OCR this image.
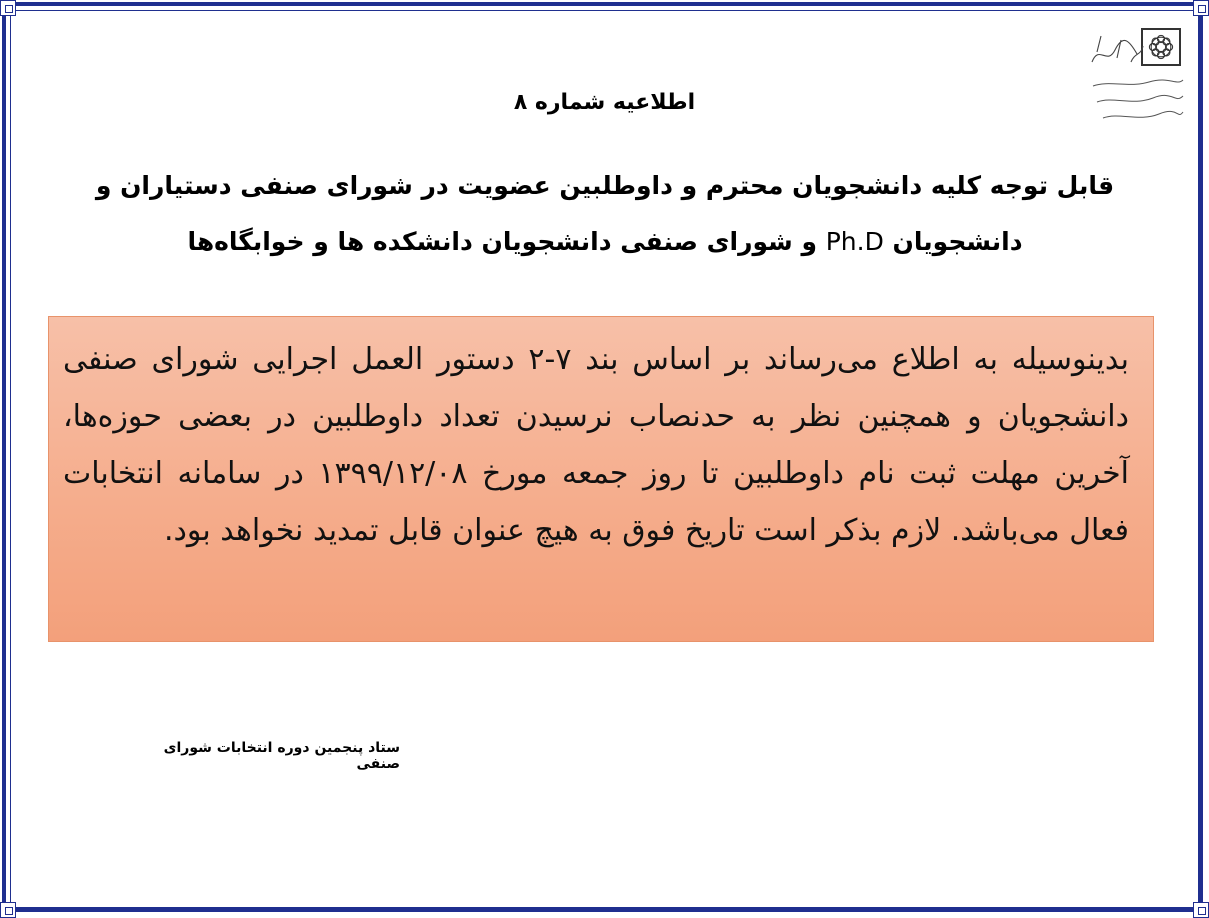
اطلاعیه شماره ۸
قابل توجه کلیه دانشجویان محترم و داوطلبین عضویت در شورای صنفی دستیاران و دانشجویان Ph.D و شورای صنفی دانشجویان دانشکده ها و خوابگاه‌ها
بدینوسیله به اطلاع می‌رساند بر اساس بند ۷-۲ دستور العمل اجرایی شورای صنفی دانشجویان و همچنین نظر به حدنصاب نرسیدن تعداد داوطلبین در بعضی حوزه‌ها، آخرین مهلت ثبت نام داوطلبین تا روز جمعه مورخ ۱۳۹۹/۱۲/۰۸ در سامانه انتخابات فعال می‌باشد. لازم بذکر است تاریخ فوق به هیچ عنوان قابل تمدید نخواهد بود.
ستاد پنجمین دوره انتخابات شورای صنفی
